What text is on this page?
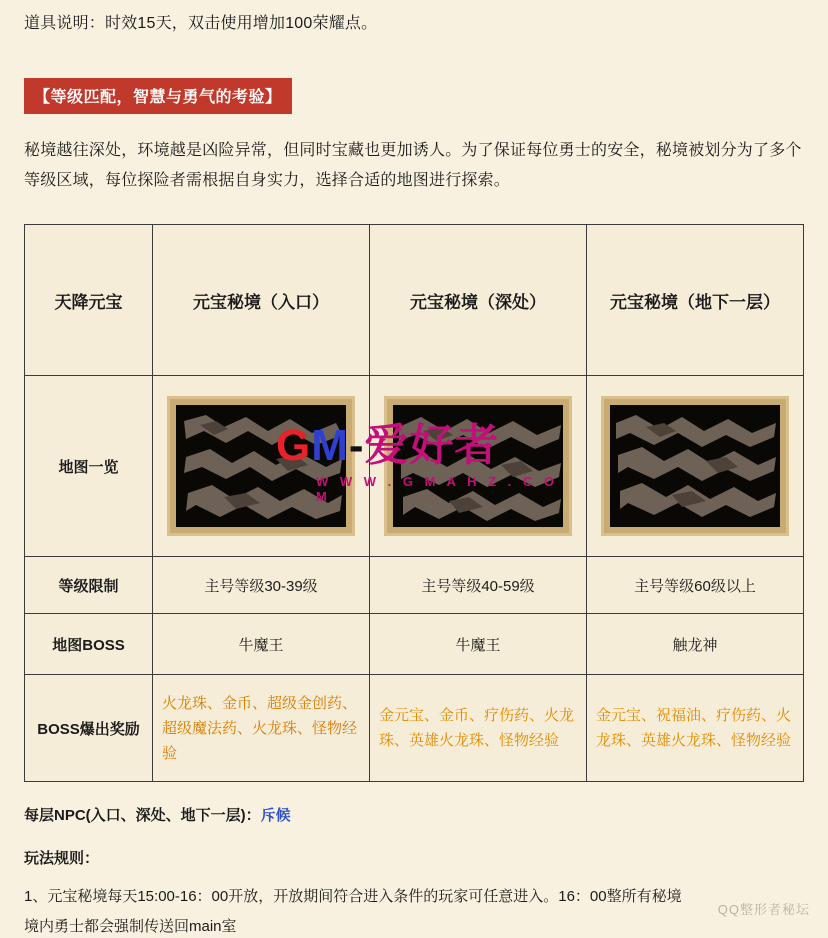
道具说明：时效15天，双击使用增加100荣耀点。
【等级匹配，智慧与勇气的考验】
秘境越往深处，环境越是凶险异常，但同时宝藏也更加诱人。为了保证每位勇士的安全，秘境被划分为了多个等级区域，每位探险者需根据自身实力，选择合适的地图进行探索。
天降元宝	元宝秘境（入口）	元宝秘境（深处）	元宝秘境（地下一层）
地图一览	

等级限制	主号等级30-39级	主号等级40-59级	主号等级60级以上
地图BOSS	牛魔王	牛魔王	触龙神
BOSS爆出奖励	火龙珠、金币、超级金创药、超级魔法药、火龙珠、怪物经验	金元宝、金币、疗伤药、火龙珠、英雄火龙珠、怪物经验	金元宝、祝福油、疗伤药、火龙珠、英雄火龙珠、怪物经验
GM-爱好者
W W W . G M A H Z . C O M
每层NPC(入口、深处、地下一层)：斥候
玩法规则：
1、元宝秘境每天15:00-16：00开放，开放期间符合进入条件的玩家可任意进入。16：00整所有秘境
境内勇士都会强制传送回main室
QQ整形者秘坛
